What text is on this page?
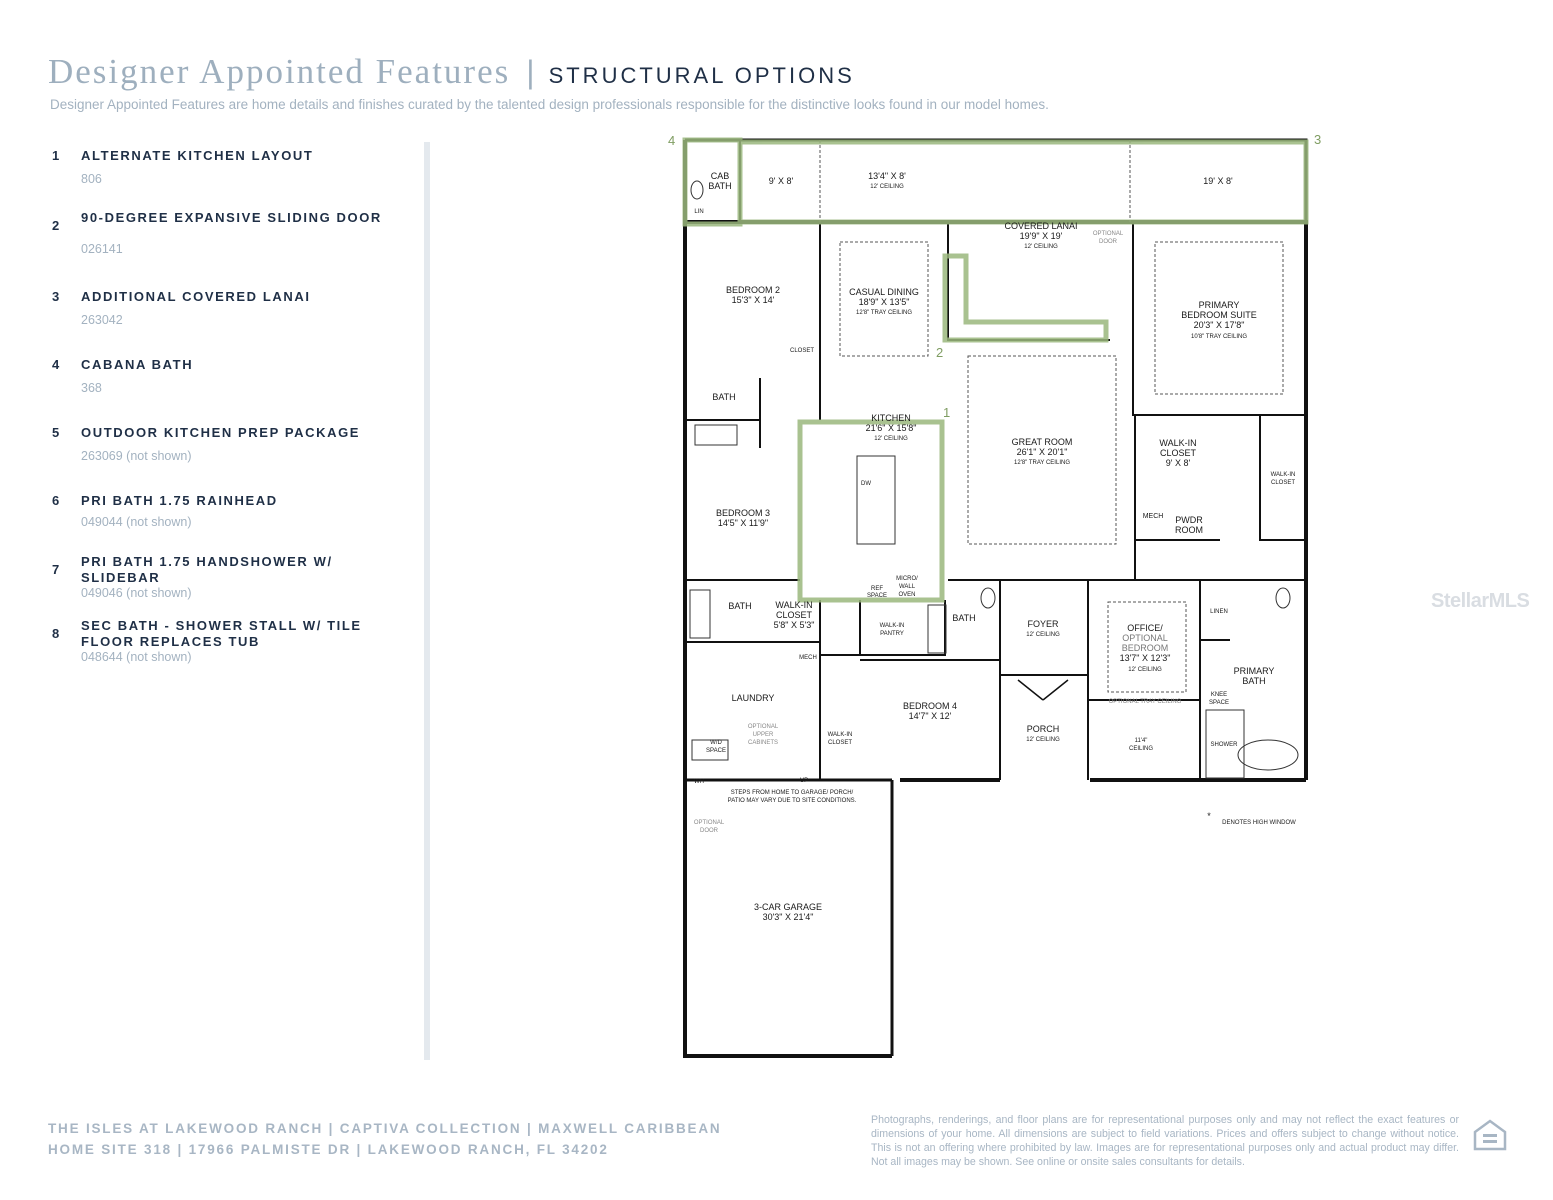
Designer Appointed Features | STRUCTURAL OPTIONS
Designer Appointed Features are home details and finishes curated by the talented design professionals responsible for the distinctive looks found in our model homes.
1 ALTERNATE KITCHEN LAYOUT
806
2
90-DEGREE EXPANSIVE SLIDING DOOR
026141
3 ADDITIONAL COVERED LANAI
263042
4 CABANA BATH
368
5 OUTDOOR KITCHEN PREP PACKAGE
263069 (not shown)
6 PRI BATH 1.75 RAINHEAD
049044 (not shown)
7
PRI BATH 1.75 HANDSHOWER W/ SLIDEBAR
049046 (not shown)
8
SEC BATH - SHOWER STALL W/ TILE FLOOR REPLACES TUB
048644 (not shown)
1
2
3
4
CAB
BATH
LIN
9' X 8'	13'4" X 8'
12' CEILING
19' X 8'
COVERED LANAI
19'9" X 19'
12' CEILING
OPTIONAL
DOOR
BEDROOM 2
15'3" X 14'
CASUAL DINING
18'9" X 13'5"
12'8" TRAY CEILING
PRIMARY
BEDROOM SUITE
20'3" X 17'8"
10'8" TRAY CEILING
CLOSET
BATH
KITCHEN
21'6" X 15'8"
12' CEILING
DW
GREAT ROOM
26'1" X 20'1"
12'8" TRAY CEILING
WALK-IN
CLOSET
9' X 8'
WALK-IN
CLOSET
BEDROOM 3
14'5" X 11'9"
MECH PWDR
ROOM
REF
SPACE
MICRO/
WALL
OVEN
BATH	WALK-IN
CLOSET
5'8" X 5'3"	WALK-IN
PANTRY
BATH
FOYER
12' CEILING
OFFICE/
OPTIONAL
BEDROOM
13'7" X 12'3"
12' CEILING
OPTIONAL TRAY CEILING
LINEN
PRIMARY
BATH
MECH
LAUNDRY
OPTIONAL
UPPER
CABINETS
W/D
SPACE
BEDROOM 4
14'7" X 12'
WALK-IN
CLOSET
PORCH
12' CEILING	11'4"
CEILING
KNEE
SPACE
SHOWER
WH	UP
STEPS FROM HOME TO GARAGE/ PORCH/
PATIO MAY VARY DUE TO SITE CONDITIONS.
OPTIONAL
DOOR
3-CAR GARAGE
30'3" X 21'4"
DENOTES HIGH WINDOW
*
StellarMLS
THE ISLES AT LAKEWOOD RANCH | CAPTIVA COLLECTION | MAXWELL CARIBBEAN
HOME SITE 318 | 17966 PALMISTE DR | LAKEWOOD RANCH, FL 34202
Photographs, renderings, and floor plans are for representational purposes only and may not reflect the exact features or dimensions of your home. All dimensions are subject to field variations. Prices and offers subject to change without notice. This is not an offering where prohibited by law. Images are for representational purposes only and actual product may differ. Not all images may be shown. See online or onsite sales consultants for details.
